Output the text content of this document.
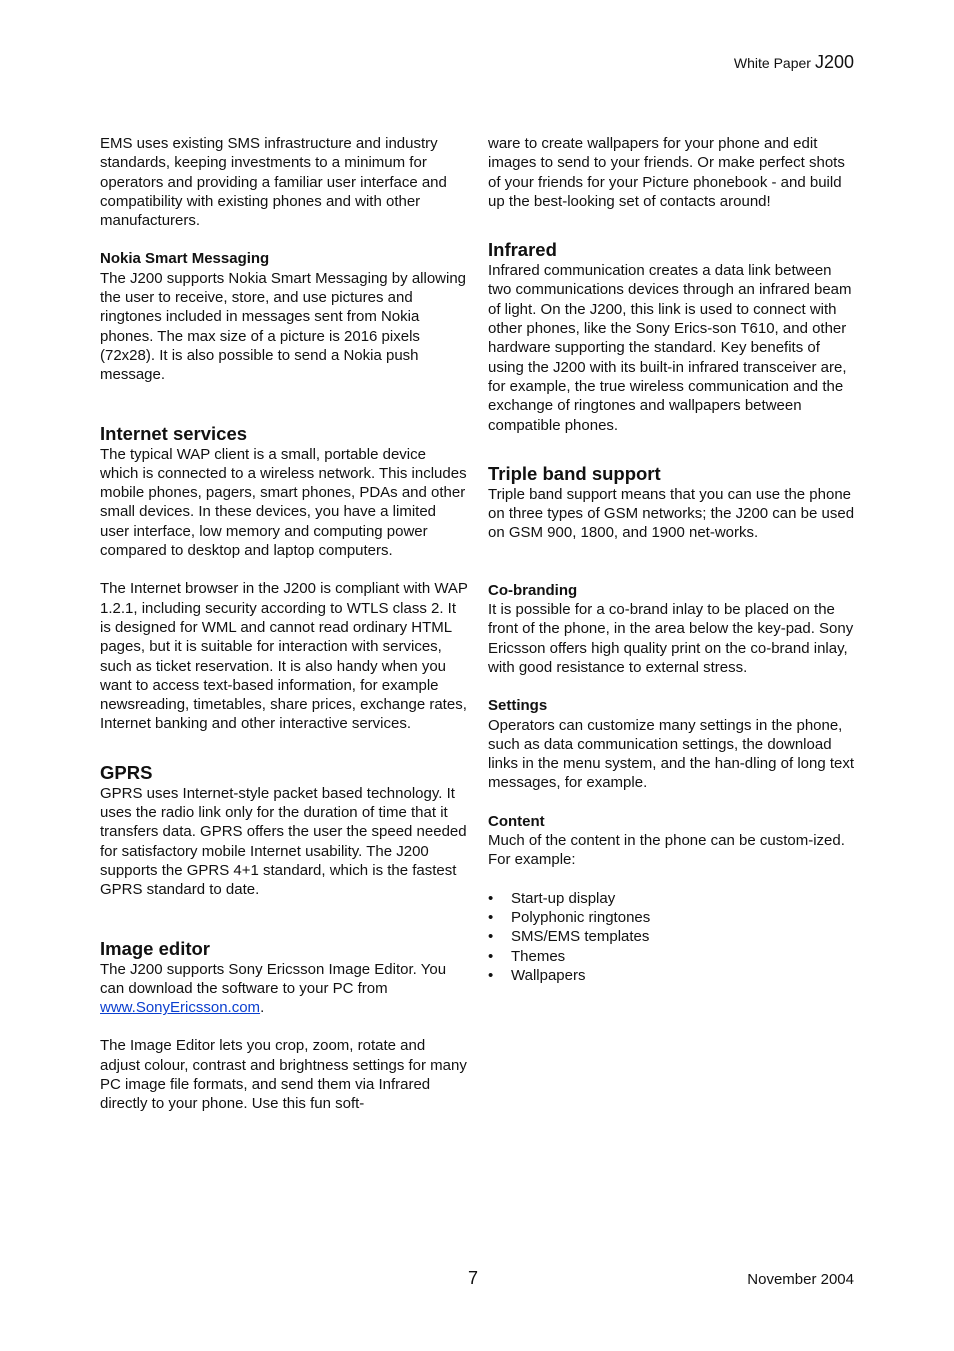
White Paper J200

EMS uses existing SMS infrastructure and industry standards, keeping investments to a minimum for operators and providing a familiar user interface and compatibility with existing phones and with other manufacturers.

Nokia Smart Messaging

The J200 supports Nokia Smart Messaging by allowing the user to receive, store, and use pictures and ringtones included in messages sent from Nokia phones. The max size of a picture is 2016 pixels (72x28). It is also possible to send a Nokia push message.

Internet services

The typical WAP client is a small, portable device which is connected to a wireless network. This includes mobile phones, pagers, smart phones, PDAs and other small devices. In these devices, you have a limited user interface, low memory and computing power compared to desktop and laptop computers.

The Internet browser in the J200 is compliant with WAP 1.2.1, including security according to WTLS class 2. It is designed for WML and cannot read ordinary HTML pages, but it is suitable for interaction with services, such as ticket reservation. It is also handy when you want to access text-based information, for example newsreading, timetables, share prices, exchange rates, Internet banking and other interactive services.

GPRS

GPRS uses Internet-style packet based technology. It uses the radio link only for the duration of time that it transfers data. GPRS offers the user the speed needed for satisfactory mobile Internet usability. The J200 supports the GPRS 4+1 standard, which is the fastest GPRS standard to date.

Image editor

The J200 supports Sony Ericsson Image Editor. You can download the software to your PC from www.SonyEricsson.com.

The Image Editor lets you crop, zoom, rotate and adjust colour, contrast and brightness settings for many PC image file formats, and send them via Infrared directly to your phone. Use this fun soft-

ware to create wallpapers for your phone and edit images to send to your friends. Or make perfect shots of your friends for your Picture phonebook - and build up the best-looking set of contacts around!

Infrared

Infrared communication creates a data link between two communications devices through an infrared beam of light. On the J200, this link is used to connect with other phones, like the Sony Erics-son T610, and other hardware supporting the standard. Key benefits of using the J200 with its built-in infrared transceiver are, for example, the true wireless communication and the exchange of ringtones and wallpapers between compatible phones.

Triple band support

Triple band support means that you can use the phone on three types of GSM networks; the J200 can be used on GSM 900, 1800, and 1900 net-works.

Co-branding

It is possible for a co-brand inlay to be placed on the front of the phone, in the area below the key-pad. Sony Ericsson offers high quality print on the co-brand inlay, with good resistance to external stress.

Settings

Operators can customize many settings in the phone, such as data communication settings, the download links in the menu system, and the han-dling of long text messages, for example.

Content

Much of the content in the phone can be custom-ized. For example:

• Start-up display
• Polyphonic ringtones
• SMS/EMS templates
• Themes
• Wallpapers
7	November 2004
